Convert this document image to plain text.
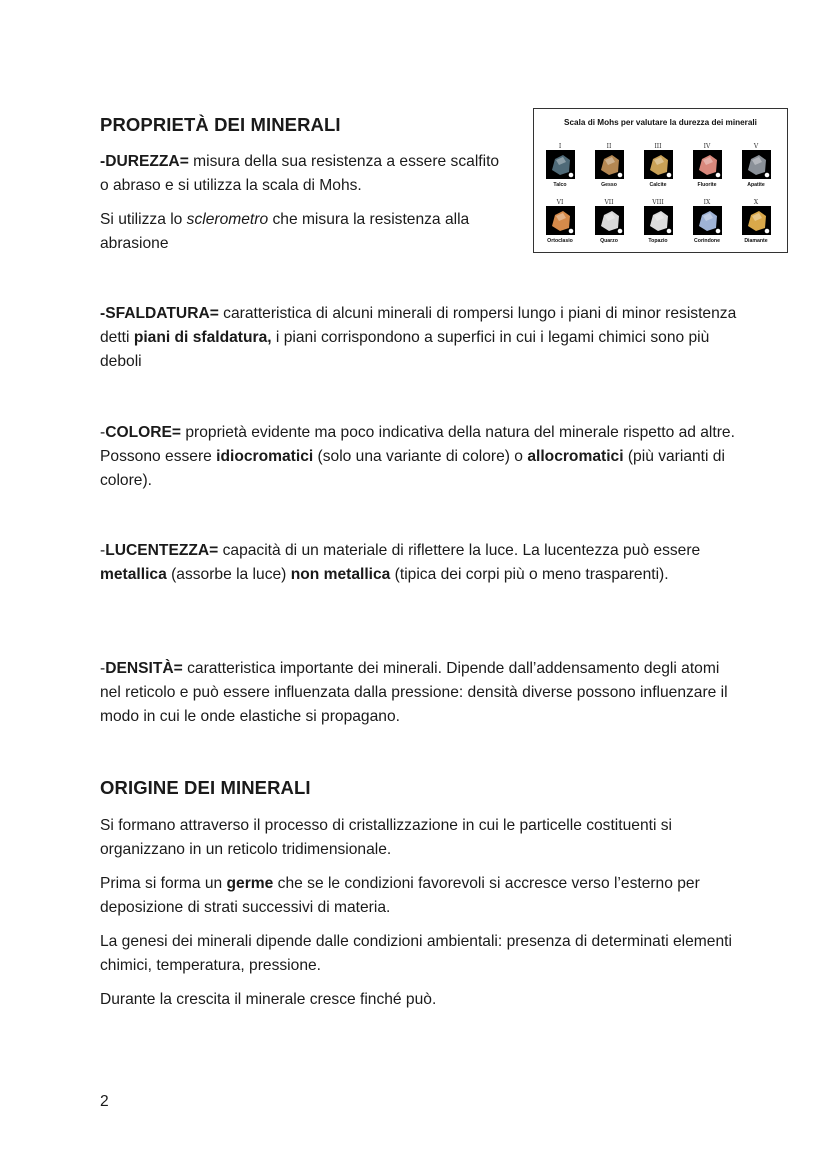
PROPRIETÀ DEI MINERALI

-DUREZZA= misura della sua resistenza a essere scalfito o abraso e si utilizza la scala di Mohs.

Si utilizza lo sclerometro che misura la resistenza alla abrasione

Scala di Mohs per valutare la durezza dei minerali
I
Talco
II
Gesso
III
Calcite
IV
Fluorite
V
Apatite
VI
Ortoclasio
VII
Quarzo
VIII
Topazio
IX
Corindone
X
Diamante

-SFALDATURA= caratteristica di alcuni minerali di rompersi lungo i piani di minor resistenza detti piani di sfaldatura, i piani corrispondono a superfici in cui i legami chimici sono più deboli

-COLORE= proprietà evidente ma poco indicativa della natura del minerale rispetto ad altre. Possono essere idiocromatici (solo una variante di colore) o allocromatici (più varianti di colore).

-LUCENTEZZA= capacità di un materiale di riflettere la luce. La lucentezza può essere metallica (assorbe la luce) non metallica (tipica dei corpi più o meno trasparenti).

-DENSITÀ= caratteristica importante dei minerali. Dipende dall’addensamento degli atomi nel reticolo e può essere influenzata dalla pressione: densità diverse possono influenzare il modo in cui le onde elastiche si propagano.

ORIGINE DEI MINERALI

Si formano attraverso il processo di cristallizzazione in cui le particelle costituenti si organizzano in un reticolo tridimensionale.

Prima si forma un germe che se le condizioni favorevoli si accresce verso l’esterno per deposizione di strati successivi di materia.

La genesi dei minerali dipende dalle condizioni ambientali: presenza di determinati elementi chimici, temperatura, pressione.

Durante la crescita il minerale cresce finché può.

2
